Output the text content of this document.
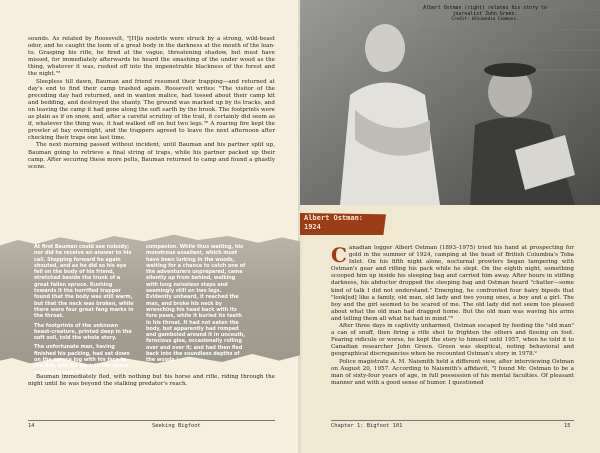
sounds. As related by Roosevelt, "[H]is nostrils were struck by a strong, wild-beast odor, and he caught the loom of a great body in the darkness at the mouth of the lean-to. Grasping his rifle, he fired at the vague, threatening shadow, but must have missed, for immediately afterwards he heard the smashing of the under wood as the thing, whatever it was, rushed off into the impenetrable blackness of the forest and the night."⁵

Sleepless till dawn, Bauman and friend resumed their trapping—and returned at day's end to find their camp trashed again. Roosevelt writes: "The visitor of the preceding day had returned, and in wanton malice, had tossed about their camp kit and bedding, and destroyed the shanty. The ground was marked up by its tracks, and on leaving the camp it had gone along the soft earth by the brook. The footprints were as plain as if on snow, and, after a careful scrutiny of the trail, it certainly did seem as if, whatever the thing was, it had walked off on but two legs."⁶ A roaring fire kept the prowler at bay overnight, and the trappers agreed to leave the next afternoon after checking their traps one last time.

The next morning passed without incident, until Bauman and his partner split up, Bauman going to retrieve a final string of traps, while his partner packed up their camp. After securing these more pelts, Bauman returned to camp and found a ghastly scene.

At first Bauman could see nobody; nor did he receive an answer to his call. Stepping forward he again shouted, and as he did so his eye fell on the body of his friend, stretched beside the trunk of a great fallen spruce. Rushing towards it the horrified trapper found that the body was still warm, but that the neck was broken, while there were four great fang marks in the throat.

The footprints of the unknown beast-creature, printed deep in the soft soil, told the whole story.

The unfortunate man, having finished his packing, had sat down on the spruce log with his face to the fire, and his back to the dense woods, to wait for his

companion. While thus waiting, his monstrous assailant, which must have been lurking in the woods, waiting for a chance to catch one of the adventurers unprepared, came silently up from behind, walking with long noiseless steps and seemingly still on two legs. Evidently unheard, it reached the man, and broke his neck by wrenching his head back with its fore paws, while it buried its teeth in his throat. It had not eaten the body, but apparently had romped and gamboled around it in uncouth, ferocious glee, occasionally rolling over and over it; and had then fled back into the soundless depths of the woods.⁷

Bauman immediately fled, with nothing but his horse and rifle, riding through the night until he was beyond the stalking predator's reach.

14	Seeking Bigfoot
Albert Ostman (right) relates his story to journalist John Green.
Credit: Wikimedia Commons.
Albert Ostman:
1924

Canadian logger Albert Ostman (1893–1975) tried his hand at prospecting for gold in the summer of 1924, camping at the head of British Columbia's Toba Inlet. On his fifth night alone, nocturnal prowlers began tampering with Ostman's gear and rifling his pack while he slept. On the eighth night, something scooped him up inside his sleeping bag and carried him away. After hours in stifling darkness, his abductor dropped the sleeping bag and Ostman heard "chatter—some kind of talk I did not understand." Emerging, he confronted four hairy bipeds that "look[ed] like a family, old man, old lady and two young ones, a boy and a girl. The boy and the girl seemed to be scared of me. The old lady did not seem too pleased about what the old man had dragged home. But the old man was waving his arms and telling them all what he had in mind."⁸

After three days in captivity unharmed, Ostman escaped by feeding the "old man" a can of snuff, then firing a rifle shot to frighten the others and fleeing on foot. Fearing ridicule or worse, he kept the story to himself until 1957, when he told it to Canadian researcher John Green. Green was skeptical, noting behavioral and geographical discrepancies when he recounted Ostman's story in 1978.⁹

Police magistrate A. M. Naismith held a different view, after interviewing Ostman on August 20, 1957. According to Naismith's affidavit, "I found Mr. Ostman to be a man of sixty-four years of age, in full possession of his mental faculties. Of pleasant manner and with a good sense of humor. I questioned

Chapter 1: Bigfoot 101	15
